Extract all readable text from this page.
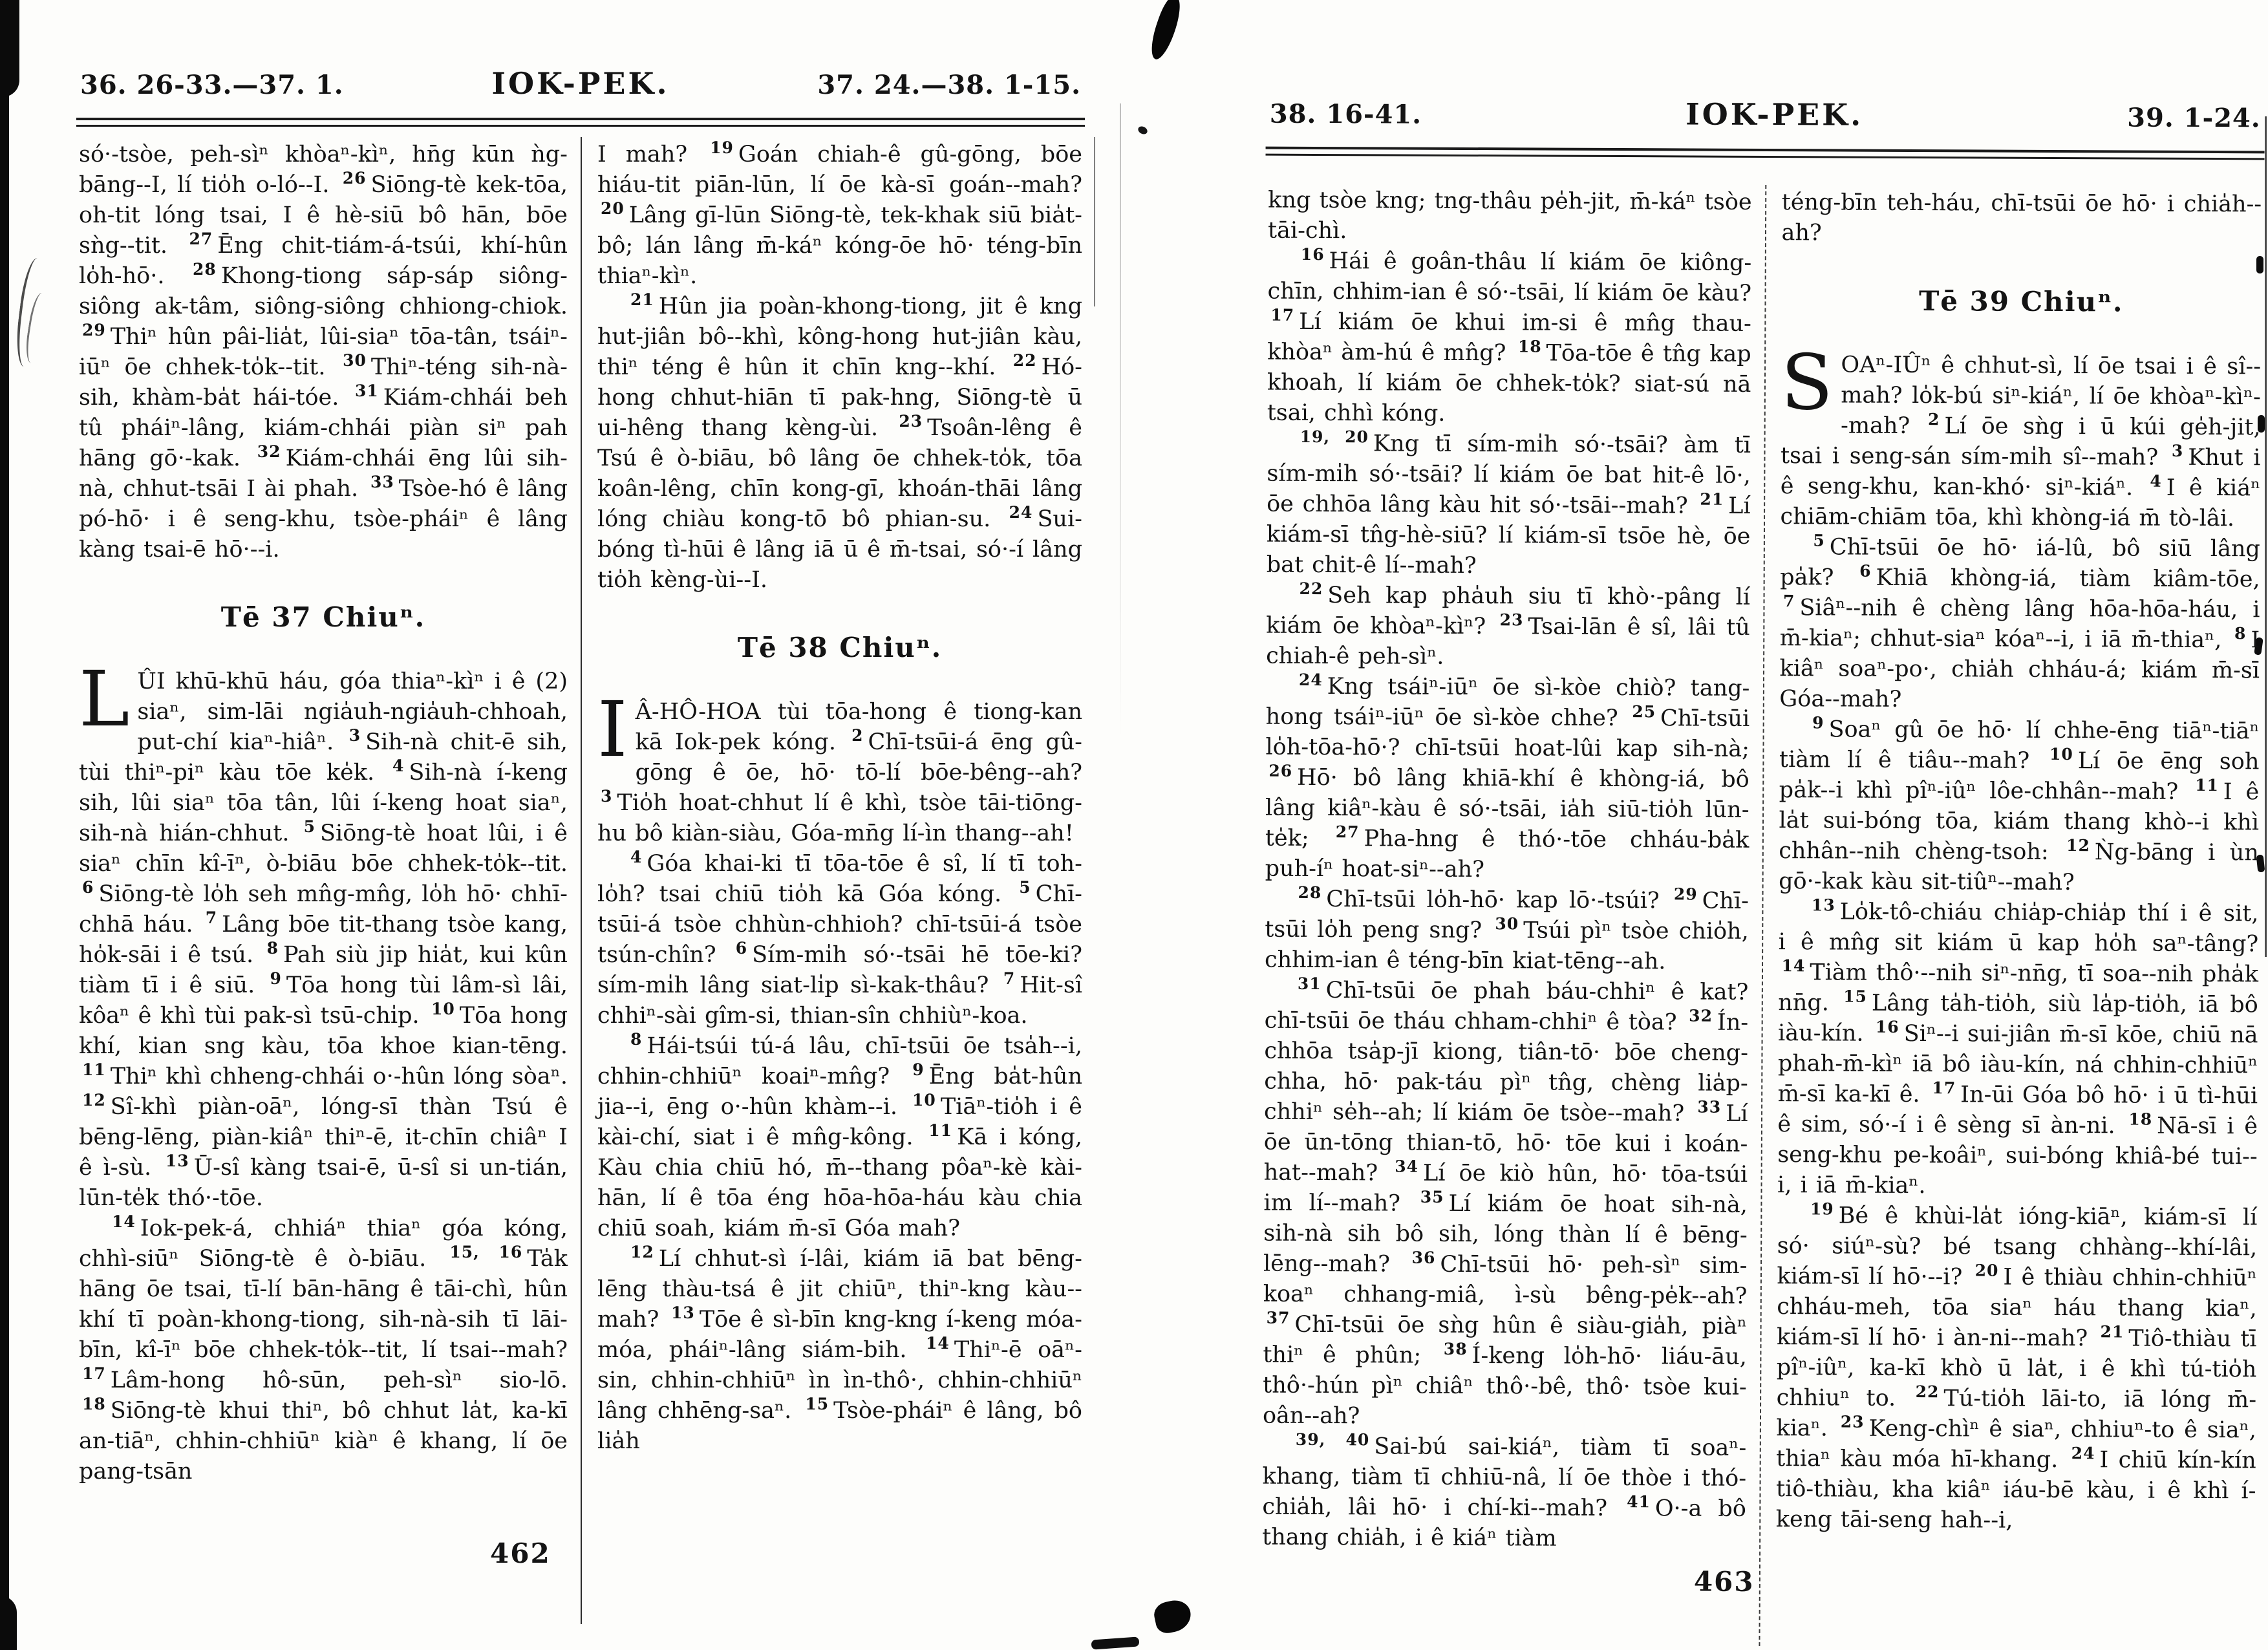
36. 26-33.—37. 1.	IOK-PEK.	37. 24.—38. 1-15.

só·-tsòe, peh-sìⁿ khòaⁿ-kìⁿ, hn̄g kūn ǹg-bāng--I, lí tio̍h o-ló--I. $^{26}$ Siōng-tè kek-tōa, oh-tit lóng tsai, I ê hè-siū bô hān, bōe sǹg--tit. $^{27}$ Ēng chit-tiám-á-tsúi, khí-hûn lo̍h-hō·. $^{28}$ Khong-tiong sáp-sáp siông-siông ak-tâm, siông-siông chhiong-chiok. $^{29}$ Thiⁿ hûn pâi-lia̍t, lûi-siaⁿ tōa-tân, tsáiⁿ-iūⁿ ōe chhek-to̍k--tit. $^{30}$ Thiⁿ-téng sih-nà-sih, khàm-ba̍t hái-tóe. $^{31}$ Kiám-chhái beh tû pháiⁿ-lâng, kiám-chhái piàn siⁿ pah hāng gō·-kak. $^{32}$ Kiám-chhái ēng lûi sih-nà, chhut-tsāi I ài phah. $^{33}$ Tsòe-hó ê lâng pó-hō· i ê seng-khu, tsòe-pháiⁿ ê lâng kàng tsai-ē hō·--i.

Tē 37 Chiuⁿ.

LÛI khū-khū háu, góa thiaⁿ-kìⁿ i ê (2) siaⁿ, sim-lāi ngia̍uh-ngia̍uh-chhoah, put-chí kiaⁿ-hiâⁿ. $^3$ Sih-nà chit-ē sih, tùi thiⁿ-piⁿ kàu tōe ke̍k. $^4$ Sih-nà í-keng sih, lûi siaⁿ tōa tân, lûi í-keng hoat siaⁿ, sih-nà hián-chhut. $^5$ Siōng-tè hoat lûi, i ê siaⁿ chīn kî-īⁿ, ò-biāu bōe chhek-to̍k--tit. $^6$ Siōng-tè lo̍h seh mn̂g-mn̂g, lo̍h hō· chhī-chhā háu. $^7$ Lâng bōe tit-thang tsòe kang, ho̍k-sāi i ê tsú. $^8$ Pah siù jip hia̍t, kui kûn tiàm tī i ê siū. $^9$ Tōa hong tùi lâm-sì lâi, kôaⁿ ê khì tùi pak-sì tsū-chi̍p. $^{10}$ Tōa hong khí, kian sng kàu, tōa khoe kian-tēng. $^{11}$ Thiⁿ khì chheng-chhái o·-hûn lóng sòaⁿ. $^{12}$ Sî-khì piàn-oāⁿ, lóng-sī thàn Tsú ê bēng-lēng, piàn-kiâⁿ thiⁿ-ē, it-chīn chiâⁿ I ê ì-sù. $^{13}$ Ū-sî kàng tsai-ē, ū-sî si un-tián, lūn-te̍k thó·-tōe.

$^{14}$ Iok-pek-á, chhiáⁿ thiaⁿ góa kóng, chhì-siūⁿ Siōng-tè ê ò-biāu. $^{15, 16}$ Ta̍k hāng ōe tsai, tī-lí bān-hāng ê tāi-chì, hûn khí tī poàn-khong-tiong, sih-nà-sih tī lāi-bīn, kî-īⁿ bōe chhek-to̍k--tit, lí tsai--mah? $^{17}$ Lâm-hong hô-sūn, peh-sìⁿ sio-lō. $^{18}$ Siōng-tè khui thiⁿ, bô chhut la̍t, ka-kī an-tiāⁿ, chhin-chhiūⁿ kiàⁿ ê khang, lí ōe pang-tsān

I mah? $^{19}$ Goán chiah-ê gû-gōng, bōe hiáu-tit piān-lūn, lí ōe kà-sī goán--mah? $^{20}$ Lâng gī-lūn Siōng-tè, tek-khak siū bia̍t-bô; lán lâng m̄-káⁿ kóng-ōe hō· téng-bīn thiaⁿ-kìⁿ.

$^{21}$ Hûn jia poàn-khong-tiong, jit ê kng hut-jiân bô--khì, kông-hong hut-jiân kàu, thiⁿ téng ê hûn it chīn kng--khí. $^{22}$ Hó-hong chhut-hiān tī pak-hng, Siōng-tè ū ui-hêng thang kèng-ùi. $^{23}$ Tsoân-lêng ê Tsú ê ò-biāu, bô lâng ōe chhek-to̍k, tōa koân-lêng, chīn kong-gī, khoán-thāi lâng lóng chiàu kong-tō bô phian-su. $^{24}$ Sui-bóng tì-hūi ê lâng iā ū ê m̄-tsai, só·-í lâng tio̍h kèng-ùi--I.

Tē 38 Chiuⁿ.

I Â-HÔ-HOA tùi tōa-hong ê tiong-kan kā Iok-pek kóng. $^2$ Chī-tsūi-á ēng gû-gōng ê ōe, hō· tō-lí bōe-bêng--ah? $^3$ Tio̍h hoat-chhut lí ê khì, tsòe tāi-tiōng-hu bô kiàn-siàu, Góa-mn̄g lí-ìn thang--ah!

$^4$ Góa khai-ki tī tōa-tōe ê sî, lí tī toh-lo̍h? tsai chiū tio̍h kā Góa kóng. $^5$ Chī-tsūi-á tsòe chhùn-chhioh? chī-tsūi-á tsòe tsún-chîn? $^6$ Sím-mi̍h só·-tsāi hē tōe-ki? sím-mi̍h lâng siat-li̍p sì-kak-thâu? $^7$ Hit-sî chhiⁿ-sài gîm-si, thian-sîn chhiùⁿ-koa.

$^8$ Hái-tsúi tú-á lâu, chī-tsūi ōe tsa̍h--i, chhin-chhiūⁿ koaiⁿ-mn̂g? $^9$ Ēng ba̍t-hûn jia--i, ēng o·-hûn khàm--i. $^{10}$ Tiāⁿ-tio̍h i ê kài-chí, siat i ê mn̂g-kông. $^{11}$ Kā i kóng, Kàu chia chiū hó, m̄--thang pôaⁿ-kè kài-hān, lí ê tōa éng hōa-hōa-háu kàu chia chiū soah, kiám m̄-sī Góa mah?

$^{12}$ Lí chhut-sì í-lâi, kiám iā bat bēng-lēng thàu-tsá ê jit chiūⁿ, thiⁿ-kng kàu--mah? $^{13}$ Tōe ê sì-bīn kng-kng í-keng móa-móa, pháiⁿ-lâng siám-bih. $^{14}$ Thiⁿ-ē oāⁿ-sin, chhin-chhiūⁿ ìn ìn-thô·, chhin-chhiūⁿ lâng chhēng-saⁿ. $^{15}$ Tsòe-pháiⁿ ê lâng, bô lia̍h

462
38. 16-41.	IOK-PEK.	39. 1-24.

kng tsòe kng; tng-thâu pe̍h-jit, m̄-káⁿ tsòe tāi-chì.

$^{16}$ Hái ê goân-thâu lí kiám ōe kiông-chīn, chhim-ian ê só·-tsāi, lí kiám ōe kàu? $^{17}$ Lí kiám ōe khui im-si ê mn̂g thau-khòaⁿ àm-hú ê mn̂g? $^{18}$ Tōa-tōe ê tn̂g kap khoah, lí kiám ōe chhek-to̍k? siat-sú nā tsai, chhì kóng.

$^{19, 20}$ Kng tī sím-mi̍h só·-tsāi? àm tī sím-mi̍h só·-tsāi? lí kiám ōe bat hit-ê lō·, ōe chhōa lâng kàu hit só·-tsāi--mah? $^{21}$ Lí kiám-sī tn̂g-hè-siū? lí kiám-sī tsōe hè, ōe bat chit-ê lí--mah?

$^{22}$ Seh kap pha̍uh siu tī khò·-pâng lí kiám ōe khòaⁿ-kìⁿ? $^{23}$ Tsai-lān ê sî, lâi tû chiah-ê peh-sìⁿ.

$^{24}$ Kng tsáiⁿ-iūⁿ ōe sì-kòe chiò? tang-hong tsáiⁿ-iūⁿ ōe sì-kòe chhe? $^{25}$ Chī-tsūi lo̍h-tōa-hō·? chī-tsūi hoat-lûi kap sih-nà; $^{26}$ Hō· bô lâng khiā-khí ê khòng-iá, bô lâng kiâⁿ-kàu ê só·-tsāi, ia̍h siū-tio̍h lūn-te̍k; $^{27}$ Pha-hng ê thó·-tōe chháu-ba̍k puh-íⁿ hoat-siⁿ--ah?

$^{28}$ Chī-tsūi lo̍h-hō· kap lō·-tsúi? $^{29}$ Chī-tsūi lo̍h peng sng? $^{30}$ Tsúi pìⁿ tsòe chio̍h, chhim-ian ê téng-bīn kiat-tēng--ah.

$^{31}$ Chī-tsūi ōe phah báu-chhiⁿ ê kat? chī-tsūi ōe tháu chham-chhiⁿ ê tòa? $^{32}$ Ín-chhōa tsa̍p-jī kiong, tiân-tō· bōe cheng-chha, hō· pak-táu pìⁿ tn̂g, chèng lia̍p-chhiⁿ se̍h--ah; lí kiám ōe tsòe--mah? $^{33}$ Lí ōe ūn-tōng thian-tō, hō· tōe kui i koán-hat--mah? $^{34}$ Lí ōe kiò hûn, hō· tōa-tsúi im lí--mah? $^{35}$ Lí kiám ōe hoat sih-nà, sih-nà sih bô sih, lóng thàn lí ê bēng-lēng--mah? $^{36}$ Chī-tsūi hō· peh-sìⁿ sim-koaⁿ chhang-miâ, ì-sù bêng-pe̍k--ah? $^{37}$ Chī-tsūi ōe sǹg hûn ê siàu-gia̍h, piàⁿ thiⁿ ê phûn; $^{38}$ Í-keng lo̍h-hō· liáu-āu, thô·-hún pìⁿ chiâⁿ thô·-bê, thô· tsòe kui-oân--ah?

$^{39, 40}$ Sai-bú sai-kiáⁿ, tiàm tī soaⁿ-khang, tiàm tī chhiū-nâ, lí ōe thòe i thó-chia̍h, lâi hō· i chí-ki--mah? $^{41}$ O·-a bô thang chia̍h, i ê kiáⁿ tiàm

téng-bīn teh-háu, chī-tsūi ōe hō· i chia̍h--ah?

Tē 39 Chiuⁿ.

SOAⁿ-IÛⁿ ê chhut-sì, lí ōe tsai i ê sî--mah? lo̍k-bú siⁿ-kiáⁿ, lí ōe khòaⁿ-kìⁿ--mah? $^2$ Lí ōe sǹg i ū kúi ge̍h-jit, tsai i seng-sán sím-mi̍h sî--mah? $^3$ Khut i ê seng-khu, kan-khó· siⁿ-kiáⁿ. $^4$ I ê kiáⁿ chiām-chiām tōa, khì khòng-iá m̄ tò-lâi.

$^5$ Chī-tsūi ōe hō· iá-lû, bô siū lâng pa̍k? $^6$ Khiā khòng-iá, tiàm kiâm-tōe, $^7$ Siâⁿ--nih ê chèng lâng hōa-hōa-háu, i m̄-kiaⁿ; chhut-siaⁿ kóaⁿ--i, i iā m̄-thiaⁿ, $^8$ I kiâⁿ soaⁿ-po·, chia̍h chháu-á; kiám m̄-sī Góa--mah?

$^9$ Soaⁿ gû ōe hō· lí chhe-ēng tiāⁿ-tiāⁿ tiàm lí ê tiâu--mah? $^{10}$ Lí ōe ēng soh pa̍k--i khì pîⁿ-iûⁿ lôe-chhân--mah? $^{11}$ I ê la̍t sui-bóng tōa, kiám thang khò--i khì chhân--nih chèng-tsoh: $^{12}$ Ǹg-bāng i ùn gō·-kak kàu sit-tiûⁿ--mah?

$^{13}$ Lo̍k-tô-chiáu chia̍p-chia̍p thí i ê sit, i ê mn̂g sit kiám ū kap ho̍h saⁿ-tâng? $^{14}$ Tiàm thô·--nih siⁿ-nn̄g, tī soa--nih pha̍k nn̄g. $^{15}$ Lâng ta̍h-tio̍h, siù la̍p-tio̍h, iā bô iàu-kín. $^{16}$ Siⁿ--i sui-jiân m̄-sī kōe, chiū nā phah-m̄-kìⁿ iā bô iàu-kín, ná chhin-chhiūⁿ m̄-sī ka-kī ê. $^{17}$ In-ūi Góa bô hō· i ū tì-hūi ê sim, só·-í i ê sèng sī àn-ni. $^{18}$ Nā-sī i ê seng-khu pe-koâiⁿ, sui-bóng khiâ-bé tui--i, i iā m̄-kiaⁿ.

$^{19}$ Bé ê khùi-la̍t ióng-kiāⁿ, kiám-sī lí só· siúⁿ-sù? bé tsang chhàng--khí-lâi, kiám-sī lí hō·--i? $^{20}$ I ê thiàu chhin-chhiūⁿ chháu-meh, tōa siaⁿ háu thang kiaⁿ, kiám-sī lí hō· i àn-ni--mah? $^{21}$ Tiô-thiàu tī pîⁿ-iûⁿ, ka-kī khò ū la̍t, i ê khì tú-tio̍h chhiuⁿ to. $^{22}$ Tú-tio̍h lāi-to, iā lóng m̄-kiaⁿ. $^{23}$ Keng-chìⁿ ê siaⁿ, chhiuⁿ-to ê siaⁿ, thiaⁿ kàu móa hī-khang. $^{24}$ I chiū kín-kín tiô-thiàu, kha kiâⁿ iáu-bē kàu, i ê khì í-keng tāi-seng hah--i,

463
